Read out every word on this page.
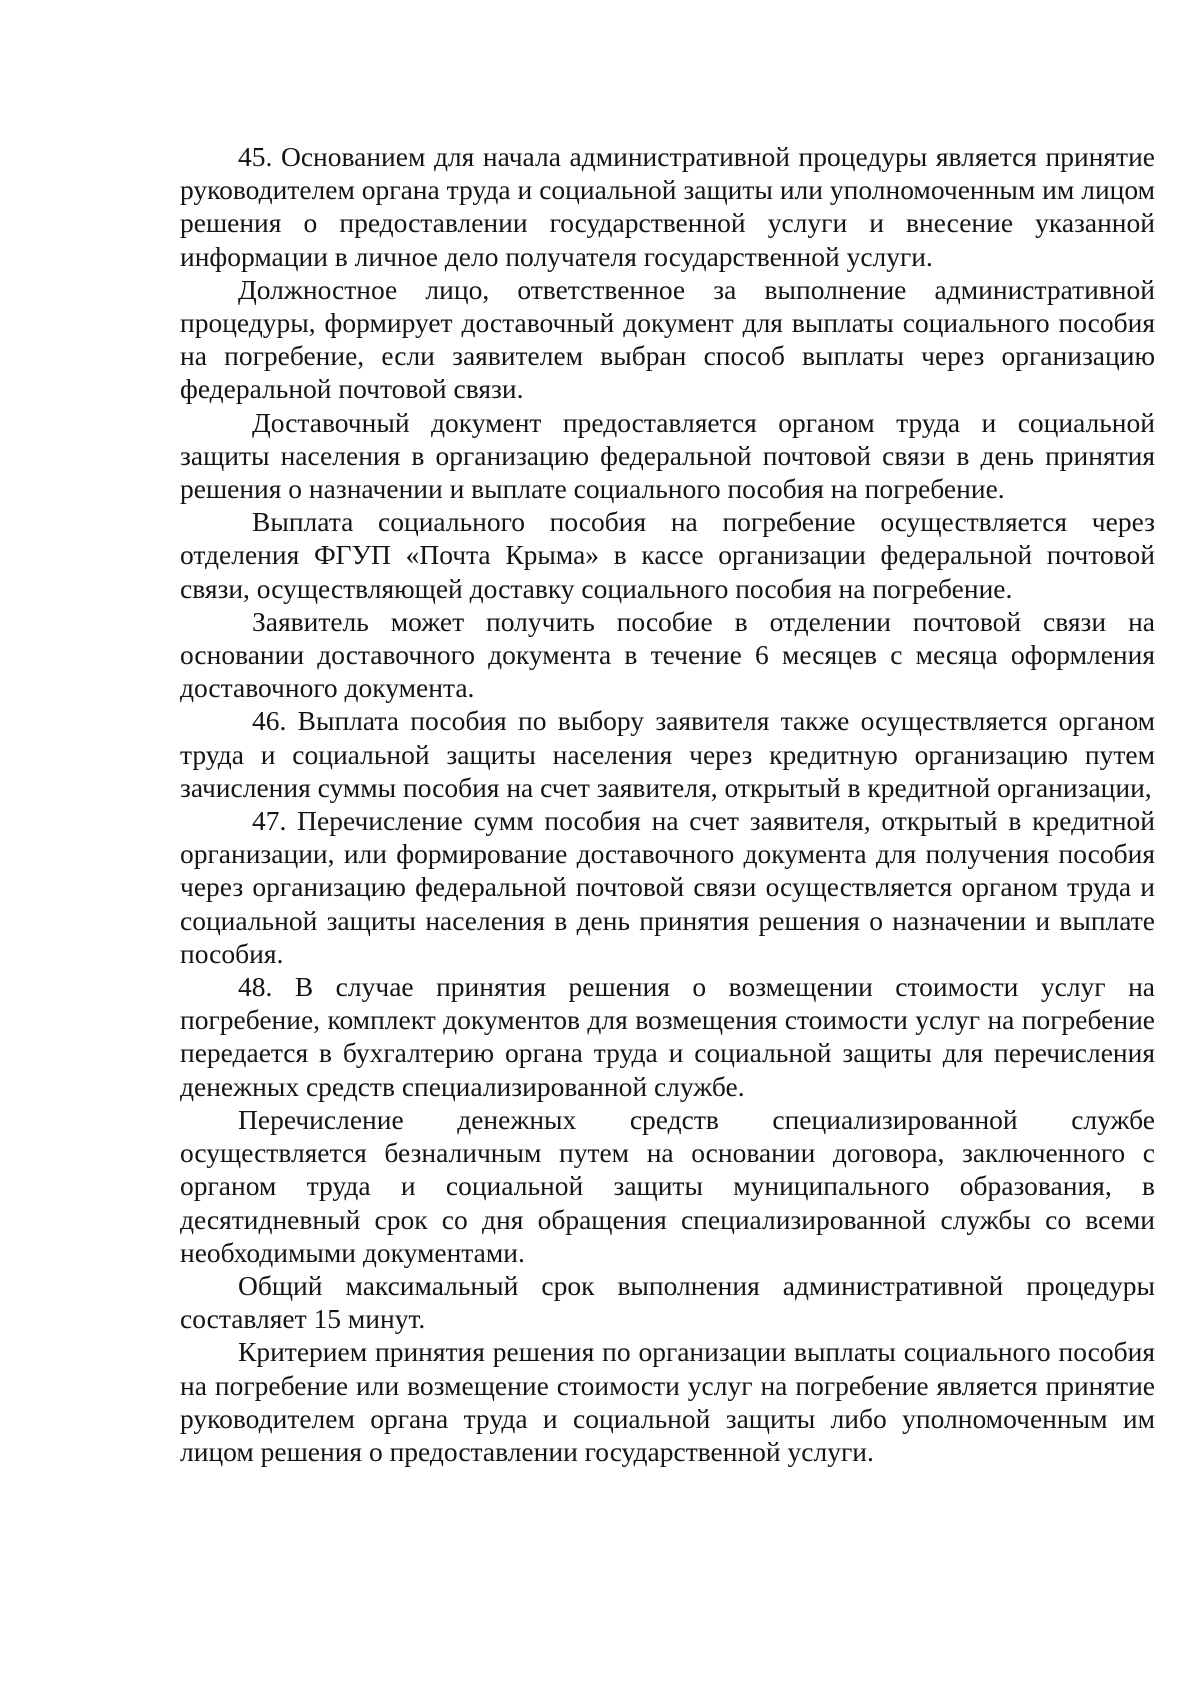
45. Основанием для начала административной процедуры является принятие руководителем органа труда и социальной защиты или уполномоченным им лицом решения о предоставлении государственной услуги и внесение указанной информации в личное дело получателя государственной услуги.

Должностное лицо, ответственное за выполнение административной процедуры, формирует доставочный документ для выплаты социального пособия на погребение, если заявителем выбран способ выплаты через организацию федеральной почтовой связи.

Доставочный документ предоставляется органом труда и социальной защиты населения в организацию федеральной почтовой связи в день принятия решения о назначении и выплате социального пособия на погребение.

Выплата социального пособия на погребение осуществляется через отделения ФГУП «Почта Крыма» в кассе организации федеральной почтовой связи, осуществляющей доставку социального пособия на погребение.

Заявитель может получить пособие в отделении почтовой связи на основании доставочного документа в течение 6 месяцев с месяца оформления доставочного документа.

46. Выплата пособия по выбору заявителя также осуществляется органом труда и социальной защиты населения через кредитную организацию путем зачисления суммы пособия на счет заявителя, открытый в кредитной организации,

47. Перечисление сумм пособия на счет заявителя, открытый в кредитной организации, или формирование доставочного документа для получения пособия через организацию федеральной почтовой связи осуществляется органом труда и социальной защиты населения в день принятия решения о назначении и выплате пособия.

48. В случае принятия решения о возмещении стоимости услуг на погребение, комплект документов для возмещения стоимости услуг на погребение передается в бухгалтерию органа труда и социальной защиты для перечисления денежных средств специализированной службе.

Перечисление денежных средств специализированной службе осуществляется безналичным путем на основании договора, заключенного с органом труда и социальной защиты муниципального образования, в десятидневный срок со дня обращения специализированной службы со всеми необходимыми документами.

Общий максимальный срок выполнения административной процедуры составляет 15 минут.

Критерием принятия решения по организации выплаты социального пособия на погребение или возмещение стоимости услуг на погребение является принятие руководителем органа труда и социальной защиты либо уполномоченным им лицом решения о предоставлении государственной услуги.
